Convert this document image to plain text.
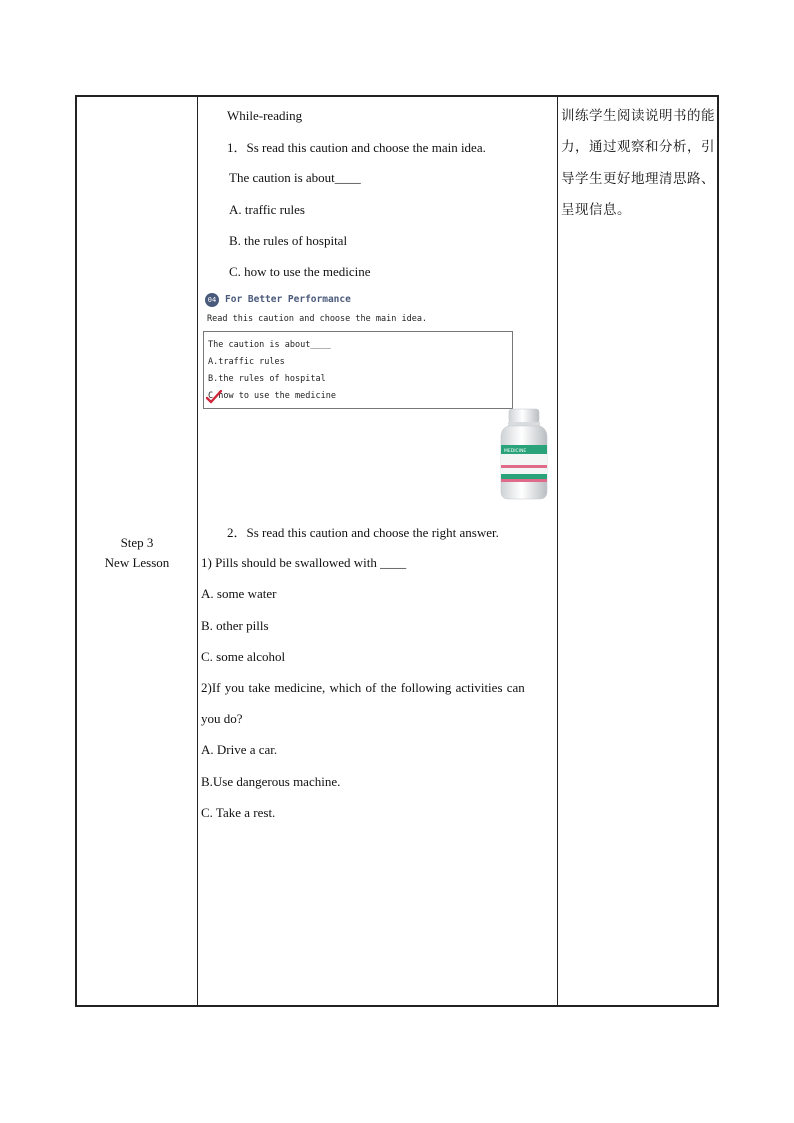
Step 3
New Lesson
While-reading
1．Ss read this caution and choose the main idea.
The caution is about____
A. traffic rules
B. the rules of hospital
C. how to use the medicine
04 For Better Performance
Read this caution and choose the main idea.
The caution is about____
A.traffic rules
B.the rules of hospital
C.how to use the medicine
MEDICINE
2．Ss read this caution and choose the right answer.
1) Pills should be swallowed with ____
A. some water
B. other pills
C. some alcohol
2)If you take medicine, which of the following activities can
you do?
A. Drive a car.
B.Use dangerous machine.
C. Take a rest.
训练学生阅读说明书的能
力，通过观察和分析，引
导学生更好地理清思路、
呈现信息。
